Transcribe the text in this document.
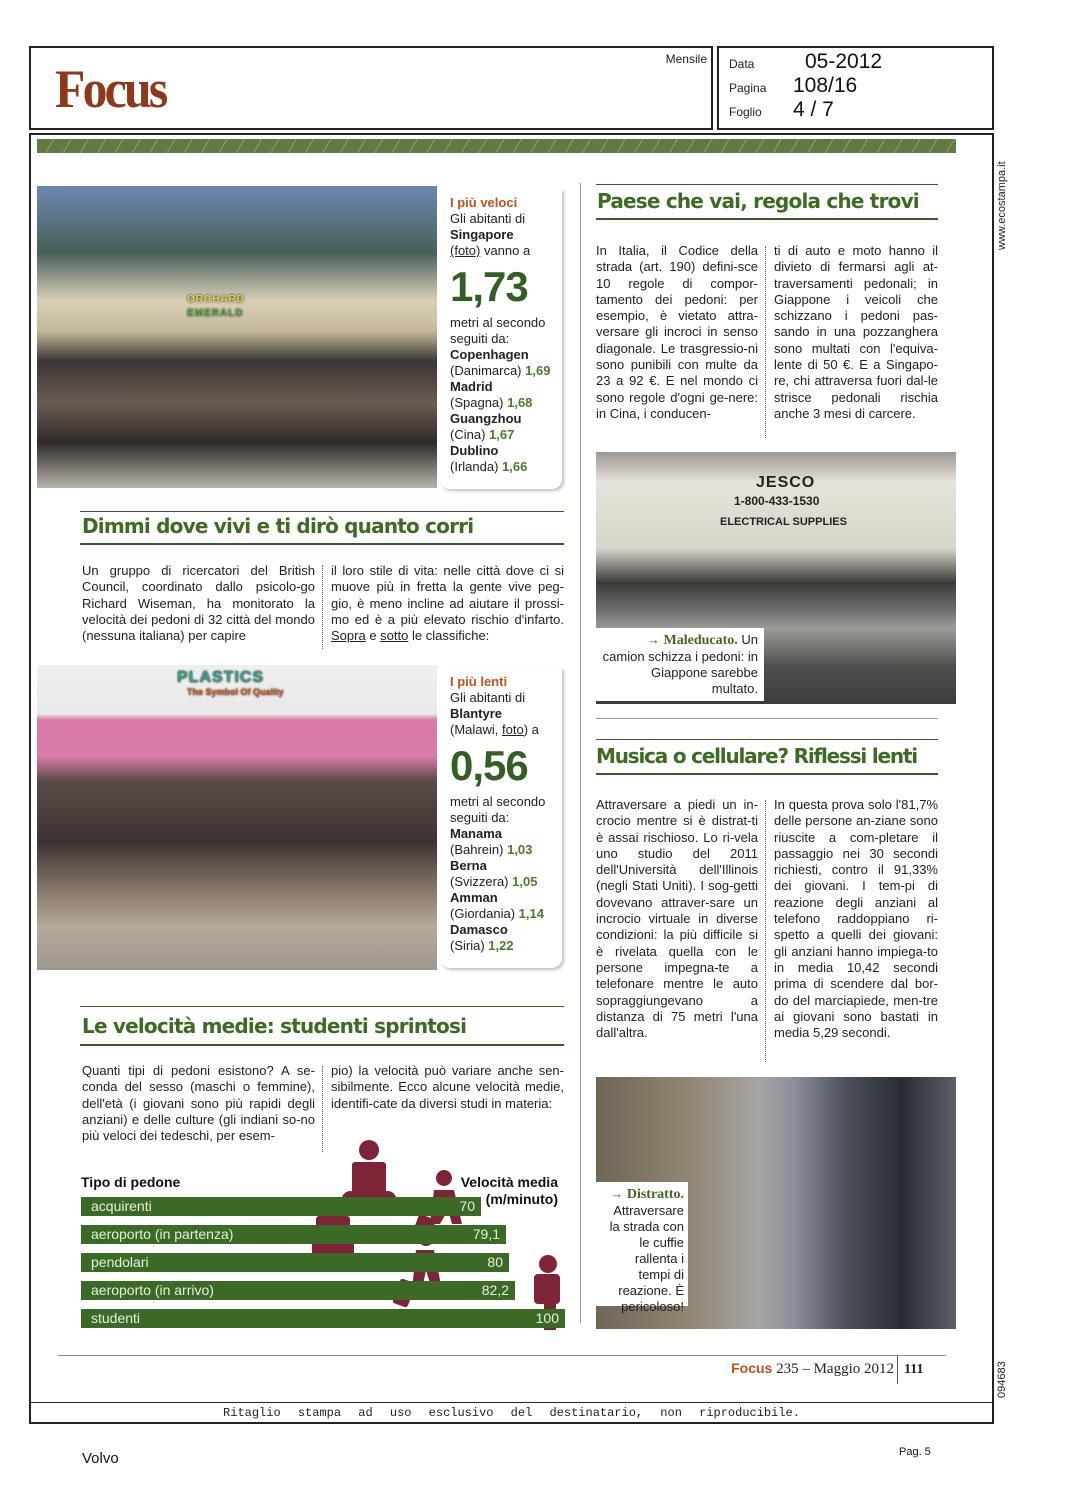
Focus	Mensile Data	05-2012
Pagina	108/16
Foglio	4 / 7
www.ecostampa.it
094683
ORCHARD
EMERALD
I più veloci
Gli abitanti di
Singapore
(foto) vanno a
1,73
metri al secondo
seguiti da:
Copenhagen
(Danimarca) 1,69
Madrid
(Spagna) 1,68
Guangzhou
(Cina) 1,67
Dublino
(Irlanda) 1,66
Dimmi dove vivi e ti dirò quanto corri
Un gruppo di ricercatori del British Council, coordinato dallo psicolo-go Richard Wiseman, ha monitorato la velocità dei pedoni di 32 città del mondo (nessuna italiana) per capire
il loro stile di vita: nelle città dove ci si muove più in fretta la gente vive peg-gio, è meno incline ad aiutare il prossi-mo ed è a più elevato rischio d'infarto. Sopra e sotto le classifiche:
PLASTICS
The Symbol Of Quality
I più lenti
Gli abitanti di
Blantyre
(Malawi, foto) a
0,56
metri al secondo
seguiti da:
Manama
(Bahrein) 1,03
Berna
(Svizzera) 1,05
Amman
(Giordania) 1,14
Damasco
(Siria) 1,22
Le velocità medie: studenti sprintosi
Quanti tipi di pedoni esistono? A se-conda del sesso (maschi o femmine), dell'età (i giovani sono più rapidi degli anziani) e delle culture (gli indiani so-no più veloci dei tedeschi, per esem-
pio) la velocità può variare anche sen-sibilmente. Ecco alcune velocità medie, identifi-cate da diversi studi in materia:
Tipo di pedone	Velocità media
(m/minuto)
acquirenti	70
aeroporto (in partenza)	79,1
pendolari	80
aeroporto (in arrivo)	82,2
studenti	100
Paese che vai, regola che trovi
In Italia, il Codice della strada (art. 190) defini-sce 10 regole di compor-tamento dei pedoni: per esempio, è vietato attra-versare gli incroci in senso diagonale. Le trasgressio-ni sono punibili con multe da 23 a 92 €. E nel mondo ci sono regole d'ogni ge-nere: in Cina, i conducen-
ti di auto e moto hanno il divieto di fermarsi agli at-traversamenti pedonali; in Giappone i veicoli che schizzano i pedoni pas-sando in una pozzanghera sono multati con l'equiva-lente di 50 €. E a Singapo-re, chi attraversa fuori dal-le strisce pedonali rischia anche 3 mesi di carcere.
JESCO
1-800-433-1530
ELECTRICAL SUPPLIES
→ Maleducato. Un camion schizza i pedoni: in Giappone sarebbe multato.
Musica o cellulare? Riflessi lenti
Attraversare a piedi un in-crocio mentre si è distrat-ti è assai rischioso. Lo ri-vela uno studio del 2011 dell'Università dell'Illinois (negli Stati Uniti). I sog-getti dovevano attraver-sare un incrocio virtuale in diverse condizioni: la più difficile si è rivelata quella con le persone impegna-te a telefonare mentre le auto sopraggiungevano a distanza di 75 metri l'una dall'altra.
In questa prova solo l'81,7% delle persone an-ziane sono riuscite a com-pletare il passaggio nei 30 secondi richiesti, contro il 91,33% dei giovani. I tem-pi di reazione degli anziani al telefono raddoppiano ri-spetto a quelli dei giovani: gli anziani hanno impiega-to in media 10,42 secondi prima di scendere dal bor-do del marciapiede, men-tre ai giovani sono bastati in media 5,29 secondi.
→ Distratto. Attraversare la strada con le cuffie rallenta i tempi di reazione. È pericoloso!
Focus 235 – Maggio 2012 111
Ritaglio stampa ad uso esclusivo del destinatario, non riproducibile.
Volvo	Pag. 5
